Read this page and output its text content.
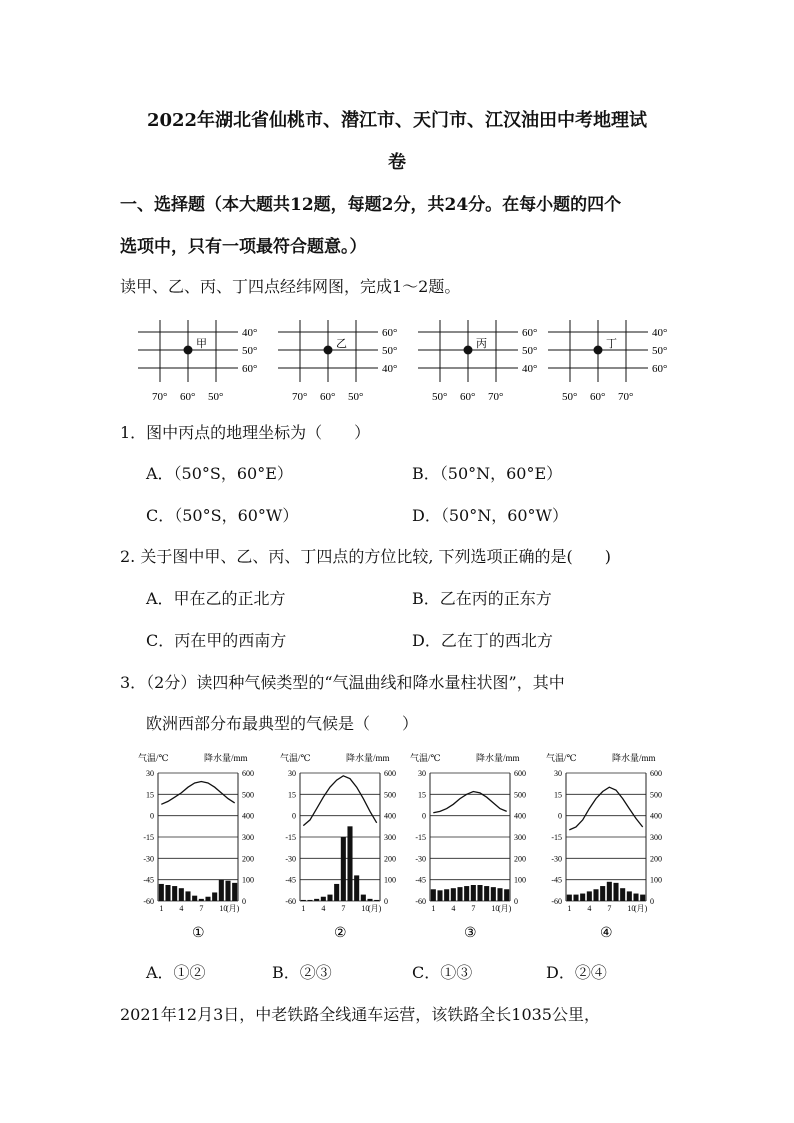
2022年湖北省仙桃市、潜江市、天门市、江汉油田中考地理试
卷
一、选择题（本大题共12题，每题2分，共24分。在每小题的四个
选项中，只有一项最符合题意。）
读甲、乙、丙、丁四点经纬网图，完成1～2题。
40°
50°
60°
70° 60° 50°
甲
60°
50°
40°
70° 60° 50°
乙
60°
50°
40°
50° 60° 70°
丙
40°
50°
60°
50° 60° 70°
丁
1．图中丙点的地理坐标为（　　）
A．（50°S，60°E）	B．（50°N，60°E）
C．（50°S，60°W）	D．（50°N，60°W）
2. 关于图中甲、乙、丙、丁四点的方位比较, 下列选项正确的是(　　)
A．甲在乙的正北方	B．乙在丙的正东方
C．丙在甲的西南方	D．乙在丁的西北方
3．（2分）读四种气候类型的“气温曲线和降水量柱状图”，其中
欧洲西部分布最典型的气候是（　　）
气温/℃	降水量/mm
30	600
15	500
0	400
-15	300
-30	200
-45	100
-60	0
1 4 7 10
(月)
①
气温/℃	降水量/mm
30	600
15	500
0	400
-15	300
-30	200
-45	100
-60	0
1 4 7 10
(月)
②
气温/℃	降水量/mm
30	600
15	500
0	400
-15	300
-30	200
-45	100
-60	0
1 4 7 10
(月)
③
气温/℃	降水量/mm
30	600
15	500
0	400
-15	300
-30	200
-45	100
-60	0
1 4 7 10
(月)
④
A．①②	B．②③	C．①③	D．②④
2021年12月3日，中老铁路全线通车运营，该铁路全长1035公里，
